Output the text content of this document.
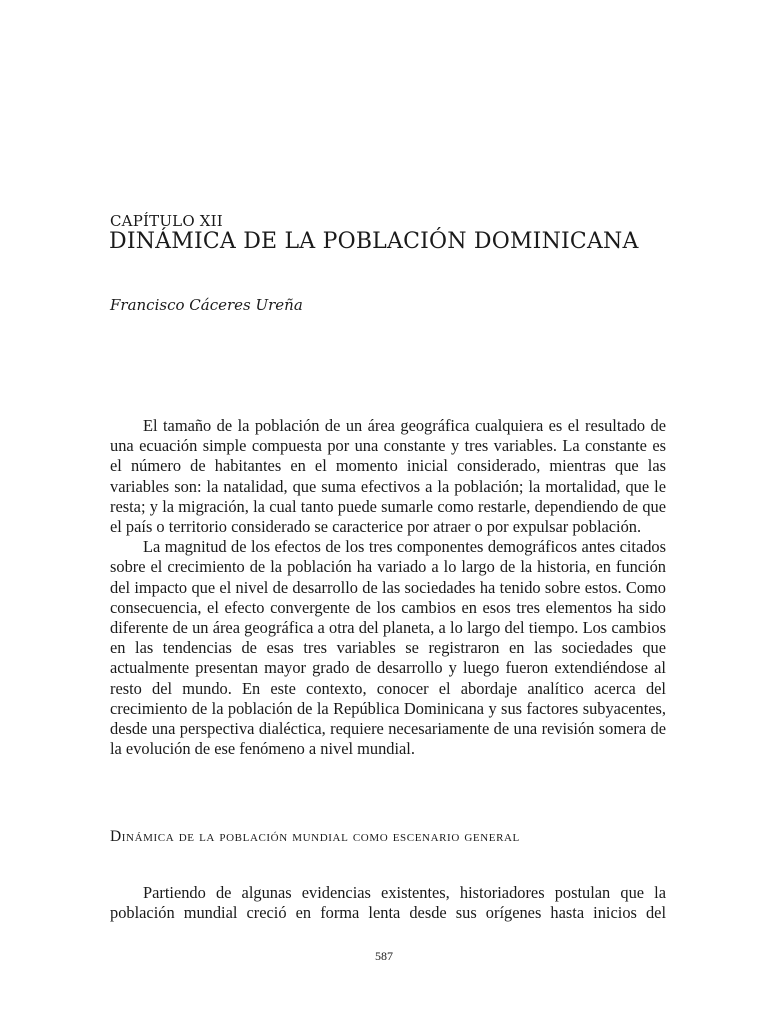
CAPÍTULO XII
DINÁMICA DE LA POBLACIÓN DOMINICANA
Francisco Cáceres Ureña

El tamaño de la población de un área geográfica cualquiera es el resultado de una ecuación simple compuesta por una constante y tres variables. La constante es el número de habitantes en el momento inicial considerado, mientras que las variables son: la natalidad, que suma efectivos a la población; la mortalidad, que le resta; y la migración, la cual tanto puede sumarle como restarle, dependiendo de que el país o territorio considerado se caracterice por atraer o por expulsar población.

La magnitud de los efectos de los tres componentes demográficos antes citados sobre el crecimiento de la población ha variado a lo largo de la historia, en función del impacto que el nivel de desarrollo de las sociedades ha tenido sobre estos. Como consecuencia, el efecto convergente de los cambios en esos tres elementos ha sido diferente de un área geográfica a otra del planeta, a lo largo del tiempo. Los cambios en las tendencias de esas tres variables se registraron en las sociedades que actualmente presentan mayor grado de desarrollo y luego fueron extendiéndose al resto del mundo. En este contexto, conocer el abordaje analítico acerca del crecimiento de la población de la República Dominicana y sus factores subyacentes, desde una perspectiva dialéctica, requiere necesariamente de una revisión somera de la evolución de ese fenómeno a nivel mundial.

Dinámica de la población mundial como escenario general

Partiendo de algunas evidencias existentes, historiadores postulan que la población mundial creció en forma lenta desde sus orígenes hasta inicios del

587
